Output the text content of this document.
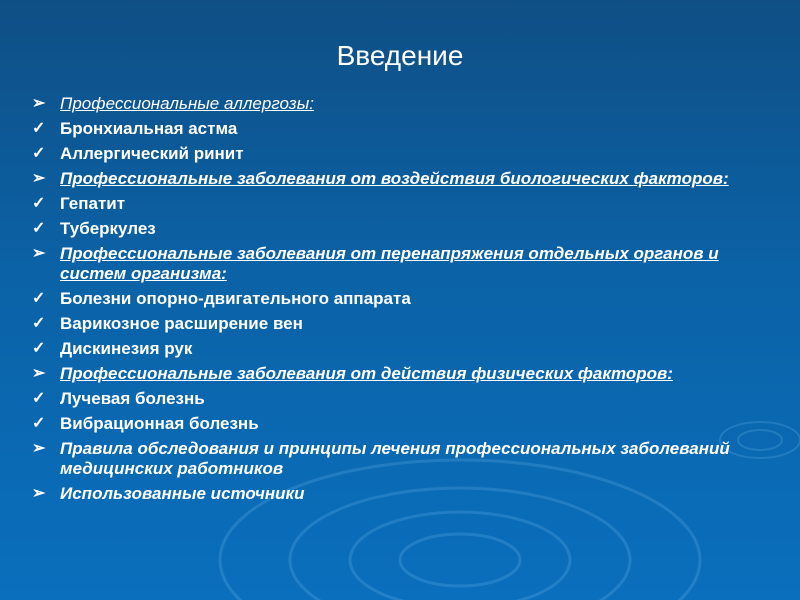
Введение
➢ Профессиональные аллергозы:
✓ Бронхиальная астма
✓ Аллергический ринит
➢ Профессиональные заболевания от воздействия биологических факторов:
✓ Гепатит
✓ Туберкулез
➢ Профессиональные заболевания от перенапряжения отдельных органов и систем организма:
✓ Болезни опорно-двигательного аппарата
✓ Варикозное расширение вен
✓ Дискинезия рук
➢ Профессиональные заболевания от действия физических факторов:
✓ Лучевая болезнь
✓ Вибрационная болезнь
➢ Правила обследования и принципы лечения профессиональных заболеваний медицинских работников
➢ Использованные источники
